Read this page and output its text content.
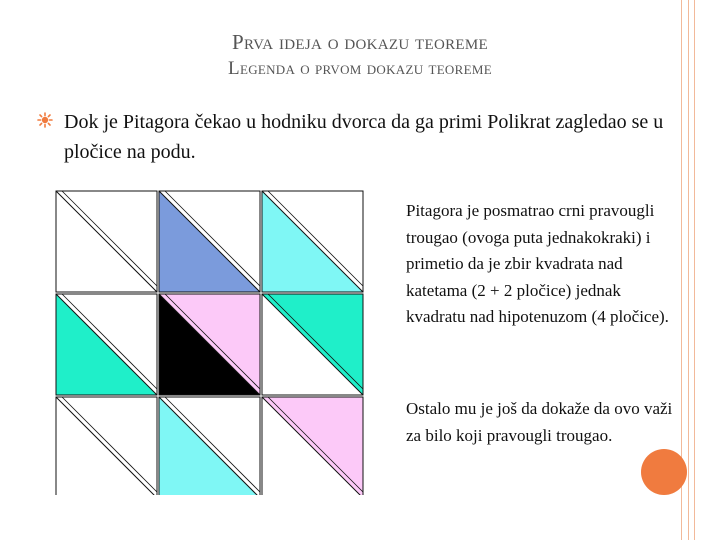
Prva ideja o dokazu teoreme
Legenda o prvom dokazu teoreme
Dok je Pitagora čekao u hodniku dvorca da ga primi Polikrat zagledao se u pločice na podu.
Pitagora je posmatrao crni pravougli trougao (ovoga puta jednakokraki) i primetio da je zbir kvadrata nad katetama (2 + 2 pločice) jednak kvadratu nad hipotenuzom (4 pločice).
Ostalo mu je još da dokaže da ovo važi za bilo koji pravougli trougao.
